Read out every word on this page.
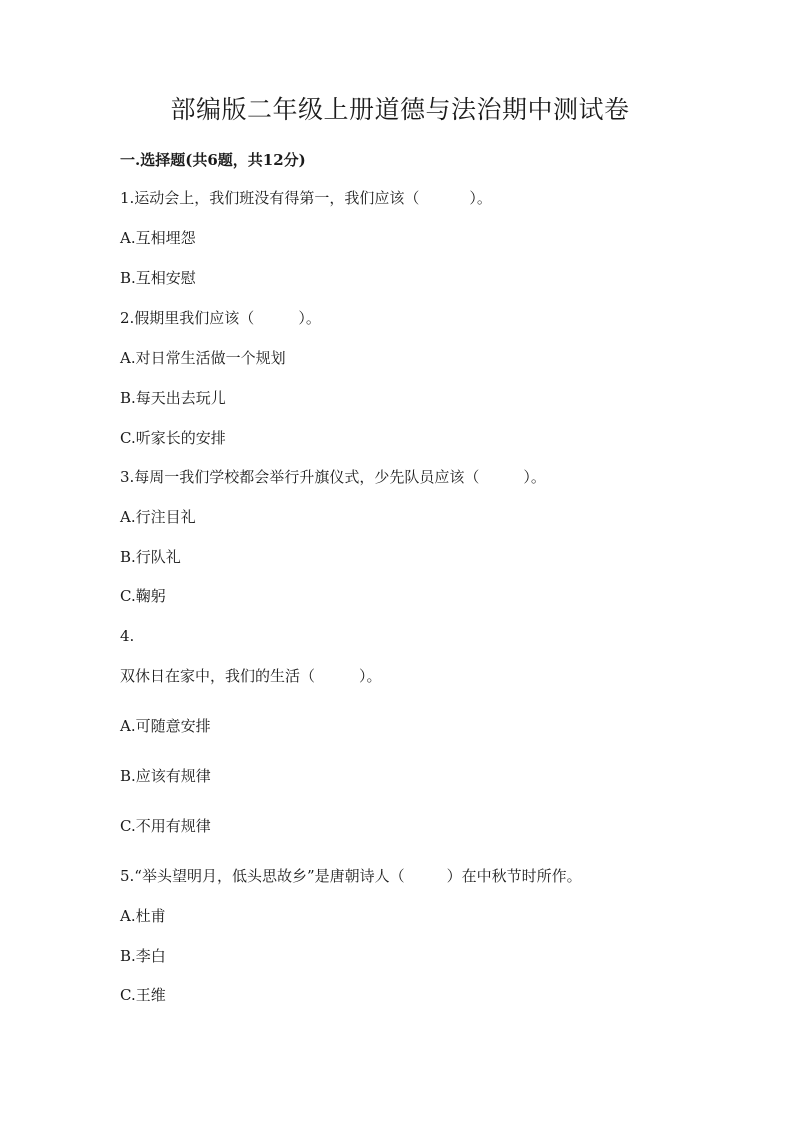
部编版二年级上册道德与法治期中测试卷
一.选择题(共6题，共12分)
1.运动会上，我们班没有得第一，我们应该（	）。
A.互相埋怨
B.互相安慰
2.假期里我们应该（	）。
A.对日常生活做一个规划
B.每天出去玩儿
C.听家长的安排
3.每周一我们学校都会举行升旗仪式，少先队员应该（	）。
A.行注目礼
B.行队礼
C.鞠躬
4.
双休日在家中，我们的生活（	）。
A.可随意安排
B.应该有规律
C.不用有规律
5.“举头望明月，低头思故乡”是唐朝诗人（	）在中秋节时所作。
A.杜甫
B.李白
C.王维
